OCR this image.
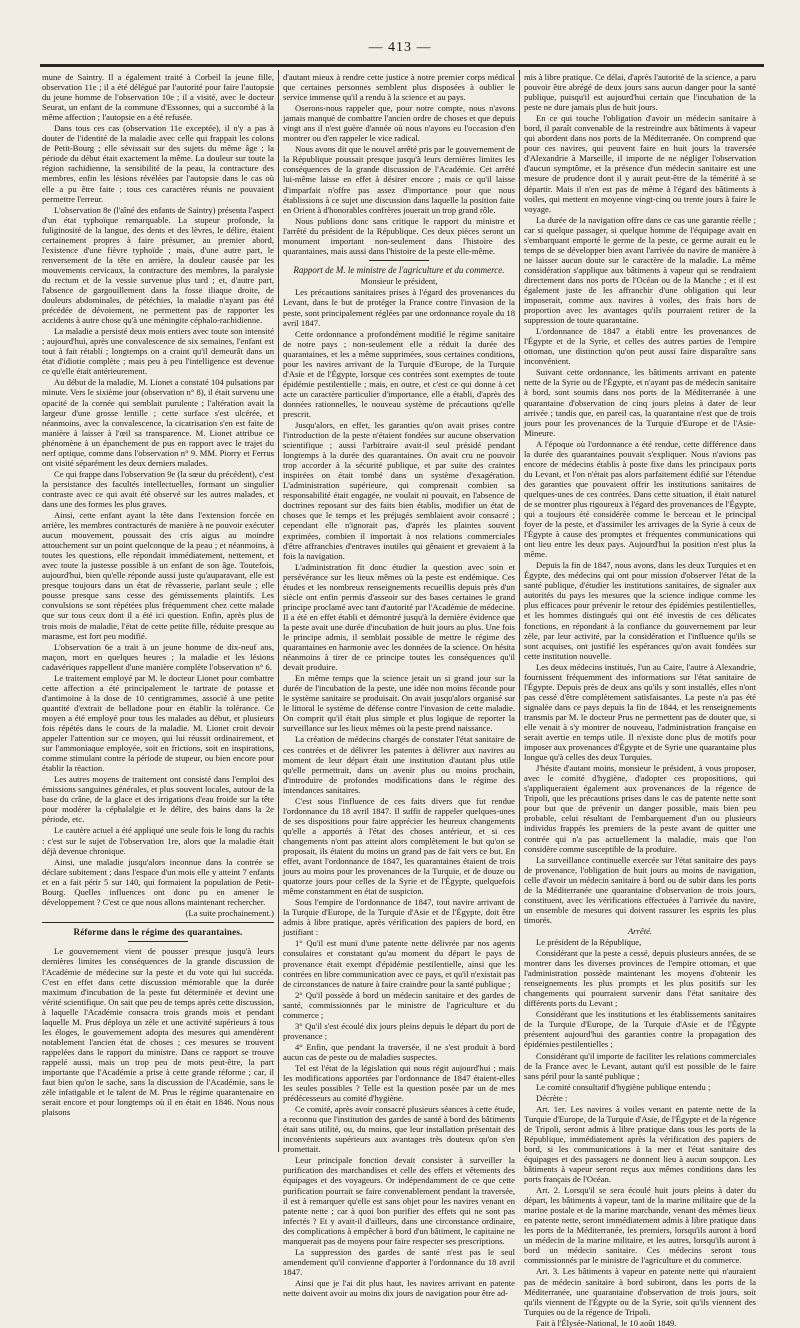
— 413 —

mune de Saintry. Il a également traité à Corbeil la jeune fille, observation 11e ; il a été délégué par l'autorité pour faire l'autopsie du jeune homme de l'observation 10e ; il a visité, avec le docteur Seurat, un enfant de la commune d'Essonnes, qui a succombé à la même affection ; l'autopsie en a été refusée.

Dans tous ces cas (observation 11e exceptée), il n'y a pas à douter de l'identité de la maladie avec celle qui frappait les colons de Petit-Bourg ; elle sévissait sur des sujets du même âge ; la période du début était exactement la même. La douleur sur toute la région rachidienne, la sensibilité de la peau, la contracture des membres, enfin les lésions révélées par l'autopsie dans le cas où elle a pu être faite ; tous ces caractères réunis ne pouvaient permettre l'erreur.

L'observation 8e (l'aîné des enfants de Saintry) présenta l'aspect d'un état typhoïque remarquable. La stupeur profonde, la fuliginosité de la langue, des dents et des lèvres, le délire, étaient certainement propres à faire présumer, au premier abord, l'existence d'une fièvre typhoïde ; mais, d'une autre part, le renversement de la tête en arrière, la douleur causée par les mouvements cervicaux, la contracture des membres, la paralysie du rectum et de la vessie survenue plus tard ; et, d'autre part, l'absence de gargouillement dans la fosse iliaque droite, de douleurs abdominales, de pétéchies, la maladie n'ayant pas été précédée de dévoiement, ne permettent pas de rapporter les accidents à autre chose qu'à une méningite céphalo-rachidienne.

La maladie a persisté deux mois entiers avec toute son intensité ; aujourd'hui, après une convalescence de six semaines, l'enfant est tout à fait rétabli ; longtemps on a craint qu'il demeurât dans un état d'idiotie complète ; mais peu à peu l'intelligence est devenue ce qu'elle était antérieurement.

Au début de la maladie, M. Lionet a constaté 104 pulsations par minute. Vers le sixième jour (observation n° 8), il était survenu une opacité de la cornée qui semblait purulente ; l'altération avait la largeur d'une grosse lentille ; cette surface s'est ulcérée, et néanmoins, avec la convalescence, la cicatrisation s'en est faite de manière à laisser à l'œil sa transparence. M. Lionet attribue ce phénomène à un épanchement de pus en rapport avec le trajet du nerf optique, comme dans l'observation n° 9. MM. Piorry et Ferrus ont visité séparément les deux derniers malades.

Ce qui frappe dans l'observation 9e (la sœur du précédent), c'est la persistance des facultés intellectuelles, formant un singulier contraste avec ce qui avait été observé sur les autres malades, et dans une des formes les plus graves.

Ainsi, cette enfant ayant la tête dans l'extension forcée en arrière, les membres contracturés de manière à ne pouvoir exécuter aucun mouvement, poussait des cris aigus au moindre attouchement sur un point quelconque de la peau ; et néanmoins, à toutes les questions, elle répondait immédiatement, nettement, et avec toute la justesse possible à un enfant de son âge. Toutefois, aujourd'hui, bien qu'elle réponde aussi juste qu'auparavant, elle est presque toujours dans un état de rêvasserie, parlant seule ; elle pousse presque sans cesse des gémissements plaintifs. Les convulsions se sont répétées plus fréquemment chez cette malade que sur tous ceux dont il a été ici question. Enfin, après plus de trois mois de maladie, l'état de cette petite fille, réduite presque au marasme, est fort peu modifié.

L'observation 6e a trait à un jeune homme de dix-neuf ans, maçon, mort en quelques heures ; la maladie et les lésions cadavériques rappellent d'une manière complète l'observation n° 6.

Le traitement employé par M. le docteur Lionet pour combattre cette affection a été principalement le tartrate de potasse et d'antimoine à la dose de 10 centigrammes, associé à une petite quantité d'extrait de belladone pour en établir la tolérance. Ce moyen a été employé pour tous les malades au début, et plusieurs fois répétés dans le cours de la maladie. M. Lionet croit devoir appeler l'attention sur ce moyen, qui lui réussit ordinairement, et sur l'ammoniaque employée, soit en frictions, soit en inspirations, comme stimulant contre la période de stupeur, ou bien encore pour établir la réaction.

Les autres moyens de traitement ont consisté dans l'emploi des émissions sanguines générales, et plus souvent locales, autour de la base du crâne, de la glace et des irrigations d'eau froide sur la tête pour modérer la céphalalgie et le délire, des bains dans la 2e période, etc.

Le cautère actuel a été appliqué une seule fois le long du rachis : c'est sur le sujet de l'observation 1re, alors que la maladie était déjà devenue chronique.

Ainsi, une maladie jusqu'alors inconnue dans la contrée se déclare subitement ; dans l'espace d'un mois elle y atteint 7 enfants et en a fait périr 5 sur 140, qui formaient la population de Petit-Bourg. Quelles influences ont donc pu en amener le développement ? C'est ce que nous allons maintenant rechercher.

(La suite prochainement.)

Réforme dans le régime des quarantaines.

Le gouvernement vient de pousser presque jusqu'à leurs dernières limites les conséquences de la grande discussion de l'Académie de médecine sur la peste et du vote qui lui succéda. C'est en effet dans cette discussion mémorable que la durée maximum d'incubation de la peste fut déterminée et devint une vérité scientifique. On sait que peu de temps après cette discussion, à laquelle l'Académie consacra trois grands mois et pendant laquelle M. Prus déploya un zèle et une activité supérieurs à tous les éloges, le gouvernement adopta des mesures qui amendèrent notablement l'ancien état de choses ; ces mesures se trouvent rappelées dans le rapport du ministre. Dans ce rapport se trouve rappelé aussi, mais un trop peu de mots peut-être, la part importante que l'Académie a prise à cette grande réforme ; car, il faut bien qu'on le sache, sans la discussion de l'Académie, sans le zèle infatigable et le talent de M. Prus le régime quarantenaire en serait encore et pour longtemps où il en était en 1846. Nous nous plaisons

d'autant mieux à rendre cette justice à notre premier corps médical que certaines personnes semblent plus disposées à oublier le service immense qu'il a rendu à la science et au pays.

Oserons-nous rappeler que, pour notre compte, nous n'avons jamais manqué de combattre l'ancien ordre de choses et que depuis vingt ans il n'est guère d'année où nous n'ayons eu l'occasion d'en montrer ou d'en rappeler le vice radical.

Nous avons dit que le nouvel arrêté pris par le gouvernement de la République poussait presque jusqu'à leurs dernières limites les conséquences de la grande discussion de l'Académie. Cet arrêté lui-même laisse en effet à désirer encore ; mais ce qu'il laisse d'imparfait n'offre pas assez d'importance pour que nous établissions à ce sujet une discussion dans laquelle la position faite en Orient à d'honorables confrères jouerait un trop grand rôle.

Nous publions donc sans critique le rapport du ministre et l'arrêté du président de la République. Ces deux pièces seront un monument important non-seulement dans l'histoire des quarantaines, mais aussi dans l'histoire de la peste elle-même.

Rapport de M. le ministre de l'agriculture et du commerce.

Monsieur le président,

Les précautions sanitaires prises à l'égard des provenances du Levant, dans le but de protéger la France contre l'invasion de la peste, sont principalement réglées par une ordonnance royale du 18 avril 1847.

Cette ordonnance a profondément modifié le régime sanitaire de notre pays ; non-seulement elle a réduit la durée des quarantaines, et les a même supprimées, sous certaines conditions, pour les navires arrivant de la Turquie d'Europe, de la Turquie d'Asie et de l'Égypte, lorsque ces contrées sont exemptes de toute épidémie pestilentielle ; mais, en outre, et c'est ce qui donne à cet acte un caractère particulier d'importance, elle a établi, d'après des données rationnelles, le nouveau système de précautions qu'elle prescrit.

Jusqu'alors, en effet, les garanties qu'on avait prises contre l'introduction de la peste n'étaient fondées sur aucune observation scientifique ; aussi l'arbitraire avait-il seul présidé pendant longtemps à la durée des quarantaines. On avait cru ne pouvoir trop accorder à la sécurité publique, et par suite des craintes inspirées on était tombé dans un système d'exagération. L'administration supérieure, qui comprenait combien sa responsabilité était engagée, ne voulait ni pouvait, en l'absence de doctrines reposant sur des faits bien établis, modifier un état de choses que le temps et les préjugés semblaient avoir consacré ; cependant elle n'ignorait pas, d'après les plaintes souvent exprimées, combien il importait à nos relations commerciales d'être affranchies d'entraves inutiles qui gênaient et grevaient à la fois la navigation.

L'administration fit donc étudier la question avec soin et persévérance sur les lieux mêmes où la peste est endémique. Ces études et les nombreux renseignements recueillis depuis près d'un siècle ont enfin permis d'asseoir sur des bases certaines le grand principe proclamé avec tant d'autorité par l'Académie de médecine. Il a été en effet établi et démontré jusqu'à la dernière évidence que la peste avait une durée d'incubation de huit jours au plus. Une fois le principe admis, il semblait possible de mettre le régime des quarantaines en harmonie avec les données de la science. On hésita néanmoins à tirer de ce principe toutes les conséquences qu'il devait produire.

En même temps que la science jetait un si grand jour sur la durée de l'incubation de la peste, une idée non moins féconde pour le système sanitaire se produisait. On avait jusqu'alors organisé sur le littoral le système de défense contre l'invasion de cette maladie. On comprit qu'il était plus simple et plus logique de reporter la surveillance sur les lieux mêmes où la peste prend naissance.

La création de médecins chargés de constater l'état sanitaire de ces contrées et de délivrer les patentes à délivrer aux navires au moment de leur départ était une institution d'autant plus utile qu'elle permettrait, dans un avenir plus ou moins prochain, d'introduire de profondes modifications dans le régime des intendances sanitaires.

C'est sous l'influence de ces faits divers que fut rendue l'ordonnance du 18 avril 1847. Il suffit de rappeler quelques-unes de ses dispositions pour faire apprécier les heureux changements qu'elle a apportés à l'état des choses antérieur, et si ces changements n'ont pas atteint alors complètement le but qu'on se proposait, ils étaient du moins un grand pas de fait vers ce but. En effet, avant l'ordonnance de 1847, les quarantaines étaient de trois jours au moins pour les provenances de la Turquie, et de douze ou quatorze jours pour celles de la Syrie et de l'Égypte, quelquefois même constamment en état de suspicion.

Sous l'empire de l'ordonnance de 1847, tout navire arrivant de la Turquie d'Europe, de la Turquie d'Asie et de l'Égypte, doit être admis à libre pratique, après vérification des papiers de bord, en justifiant :

1° Qu'il est muni d'une patente nette délivrée par nos agents consulaires et constatant qu'au moment du départ le pays de provenance était exempt d'épidémie pestilentielle, ainsi que les contrées en libre communication avec ce pays, et qu'il n'existait pas de circonstances de nature à faire craindre pour la santé publique ;

2° Qu'il possède à bord un médecin sanitaire et des gardes de santé, commissionnés par le ministre de l'agriculture et du commerce ;

3° Qu'il s'est écoulé dix jours pleins depuis le départ du port de provenance ;

4° Enfin, que pendant la traversée, il ne s'est produit à bord aucun cas de peste ou de maladies suspectes.

Tel est l'état de la législation qui nous régit aujourd'hui ; mais les modifications apportées par l'ordonnance de 1847 étaient-elles les seules possibles ? Telle est la question posée par un de mes prédécesseurs au comité d'hygiène.

Ce comité, après avoir consacré plusieurs séances à cette étude, a reconnu que l'institution des gardes de santé à bord des bâtiments était sans utilité, ou, du moins, que leur installation présentait des inconvénients supérieurs aux avantages très douteux qu'on s'en promettait.

Leur principale fonction devait consister à surveiller la purification des marchandises et celle des effets et vêtements des équipages et des voyageurs. Or indépendamment de ce que cette purification pourrait se faire convenablement pendant la traversée, il est à remarquer qu'elle est sans objet pour les navires venant en patente nette ; car à quoi bon purifier des effets qui ne sont pas infectés ? Et y avait-il d'ailleurs, dans une circonstance ordinaire, des complications à empêcher à bord d'un bâtiment, le capitaine ne manquerait pas de moyens pour faire respecter ses prescriptions.

La suppression des gardes de santé n'est pas le seul amendement qu'il convienne d'apporter à l'ordonnance du 18 avril 1847.

Ainsi que je l'ai dit plus haut, les navires arrivant en patente nette doivent avoir au moins dix jours de navigation pour être ad-

mis à libre pratique. Ce délai, d'après l'autorité de la science, a paru pouvoir être abrégé de deux jours sans aucun danger pour la santé publique, puisqu'il est aujourd'hui certain que l'incubation de la peste ne dure jamais plus de huit jours.

En ce qui touche l'obligation d'avoir un médecin sanitaire à bord, il paraît convenable de la restreindre aux bâtiments à vapeur qui abordent dans nos ports de la Méditerranée. On comprend que pour ces navires, qui peuvent faire en huit jours la traversée d'Alexandrie à Marseille, il importe de ne négliger l'observation d'aucun symptôme, et la présence d'un médecin sanitaire est une mesure de prudence dont il y aurait peut-être de la témérité à se départir. Mais il n'en est pas de même à l'égard des bâtiments à voiles, qui mettent en moyenne vingt-cinq ou trente jours à faire le voyage.

La durée de la navigation offre dans ce cas une garantie réelle ; car si quelque passager, si quelque homme de l'équipage avait en s'embarquant emporté le germe de la peste, ce germe aurait eu le temps de se développer bien avant l'arrivée du navire de manière à ne laisser aucun doute sur le caractère de la maladie. La même considération s'applique aux bâtiments à vapeur qui se rendraient directement dans nos ports de l'Océan ou de la Manche ; et il est également juste de les affranchir d'une obligation qui leur imposerait, comme aux navires à voiles, des frais hors de proportion avec les avantages qu'ils pourraient retirer de la suppression de toute quarantaine.

L'ordonnance de 1847 a établi entre les provenances de l'Égypte et de la Syrie, et celles des autres parties de l'empire ottoman, une distinction qu'on peut aussi faire disparaître sans inconvénient.

Suivant cette ordonnance, les bâtiments arrivant en patente nette de la Syrie ou de l'Égypte, et n'ayant pas de médecin sanitaire à bord, sont soumis dans nos ports de la Méditerranée à une quarantaine d'observation de cinq jours pleins à dater de leur arrivée ; tandis que, en pareil cas, la quarantaine n'est que de trois jours pour les provenances de la Turquie d'Europe et de l'Asie-Mineure.

A l'époque où l'ordonnance a été rendue, cette différence dans la durée des quarantaines pouvait s'expliquer. Nous n'avions pas encore de médecins établis à poste fixe dans les principaux ports du Levant, et l'on n'était pas alors parfaitement édifié sur l'étendue des garanties que pouvaient offrir les institutions sanitaires de quelques-unes de ces contrées. Dans cette situation, il était naturel de se montrer plus rigoureux à l'égard des provenances de l'Égypte, qui a toujours été considérée comme le berceau et le principal foyer de la peste, et d'assimiler les arrivages de la Syrie à ceux de l'Égypte à cause des promptes et fréquentes communications qui ont lieu entre les deux pays. Aujourd'hui la position n'est plus la même.

Depuis la fin de 1847, nous avons, dans les deux Turquies et en Égypte, des médecins qui ont pour mission d'observer l'état de la santé publique, d'étudier les institutions sanitaires, de signaler aux autorités du pays les mesures que la science indique comme les plus efficaces pour prévenir le retour des épidémies pestilentielles, et les hommes distingués qui ont été investis de ces délicates fonctions, en répondant à la confiance du gouvernement par leur zèle, par leur activité, par la considération et l'influence qu'ils se sont acquises, ont justifié les espérances qu'on avait fondées sur cette institution nouvelle.

Les deux médecins institués, l'un au Caire, l'autre à Alexandrie, fournissent fréquemment des informations sur l'état sanitaire de l'Égypte. Depuis près de deux ans qu'ils y sont installés, elles n'ont pas cessé d'être complètement satisfaisantes. La peste n'a pas été signalée dans ce pays depuis la fin de 1844, et les renseignements transmis par M. le docteur Prus ne permettent pas de douter que, si elle venait à s'y montrer de nouveau, l'administration française en serait avertie en temps utile. Il n'existe donc plus de motifs pour imposer aux provenances d'Égypte et de Syrie une quarantaine plus longue qu'à celles des deux Turquies.

J'hésite d'autant moins, monsieur le président, à vous proposer, avec le comité d'hygiène, d'adopter ces propositions, qui s'appliqueraient également aux provenances de la régence de Tripoli, que les précautions prises dans le cas de patente nette sont pour but que de prévenir un danger possible, mais bien peu probable, celui résultant de l'embarquement d'un ou plusieurs individus frappés les premiers de la peste avant de quitter une contrée qui n'a pas actuellement la maladie, mais que l'on considère comme susceptible de la produire.

La surveillance continuelle exercée sur l'état sanitaire des pays de provenance, l'obligation de huit jours au moins de navigation, celle d'avoir un médecin sanitaire à bord ou de subir dans les ports de la Méditerranée une quarantaine d'observation de trois jours, constituent, avec les vérifications effectuées à l'arrivée du navire, un ensemble de mesures qui doivent rassurer les esprits les plus timorés.

Arrêté.

Le président de la République,

Considérant que la peste a cessé, depuis plusieurs années, de se montrer dans les diverses provinces de l'empire ottoman, et que l'administration possède maintenant les moyens d'obtenir les renseignements les plus prompts et les plus positifs sur les changements qui pourraient survenir dans l'état sanitaire des différents ports du Levant ;

Considérant que les institutions et les établissements sanitaires de la Turquie d'Europe, de la Turquie d'Asie et de l'Égypte présentent aujourd'hui des garanties contre la propagation des épidémies pestilentielles ;

Considérant qu'il importe de faciliter les relations commerciales de la France avec le Levant, autant qu'il est possible de le faire sans péril pour la santé publique ;

Le comité consultatif d'hygiène publique entendu ;

Décrète :

Art. 1er. Les navires à voiles venant en patente nette de la Turquie d'Europe, de la Turquie d'Asie, de l'Égypte et de la régence de Tripoli, seront admis à libre pratique dans tous les ports de la République, immédiatement après la vérification des papiers de bord, si les communications à la mer et l'état sanitaire des équipages et des passagers ne donnent lieu à aucun soupçon. Les bâtiments à vapeur seront reçus aux mêmes conditions dans les ports français de l'Océan.

Art. 2. Lorsqu'il se sera écoulé huit jours pleins à dater du départ, les bâtiments à vapeur, tant de la marine militaire que de la marine postale et de la marine marchande, venant des mêmes lieux en patente nette, seront immédiatement admis à libre pratique dans les ports de la Méditerranée, les premiers, lorsqu'ils auront à bord un médecin de la marine militaire, et les autres, lorsqu'ils auront à bord un médecin sanitaire. Ces médecins seront tous commissionnés par le ministre de l'agriculture et du commerce.

Art. 3. Les bâtiments à vapeur en patente nette qui n'auraient pas de médecin sanitaire à bord subiront, dans les ports de la Méditerranée, une quarantaine d'observation de trois jours, soit qu'ils viennent de l'Égypte ou de la Syrie, soit qu'ils viennent des Turquies ou de la régence de Tripoli.

Fait à l'Élysée-National, le 10 août 1849.
